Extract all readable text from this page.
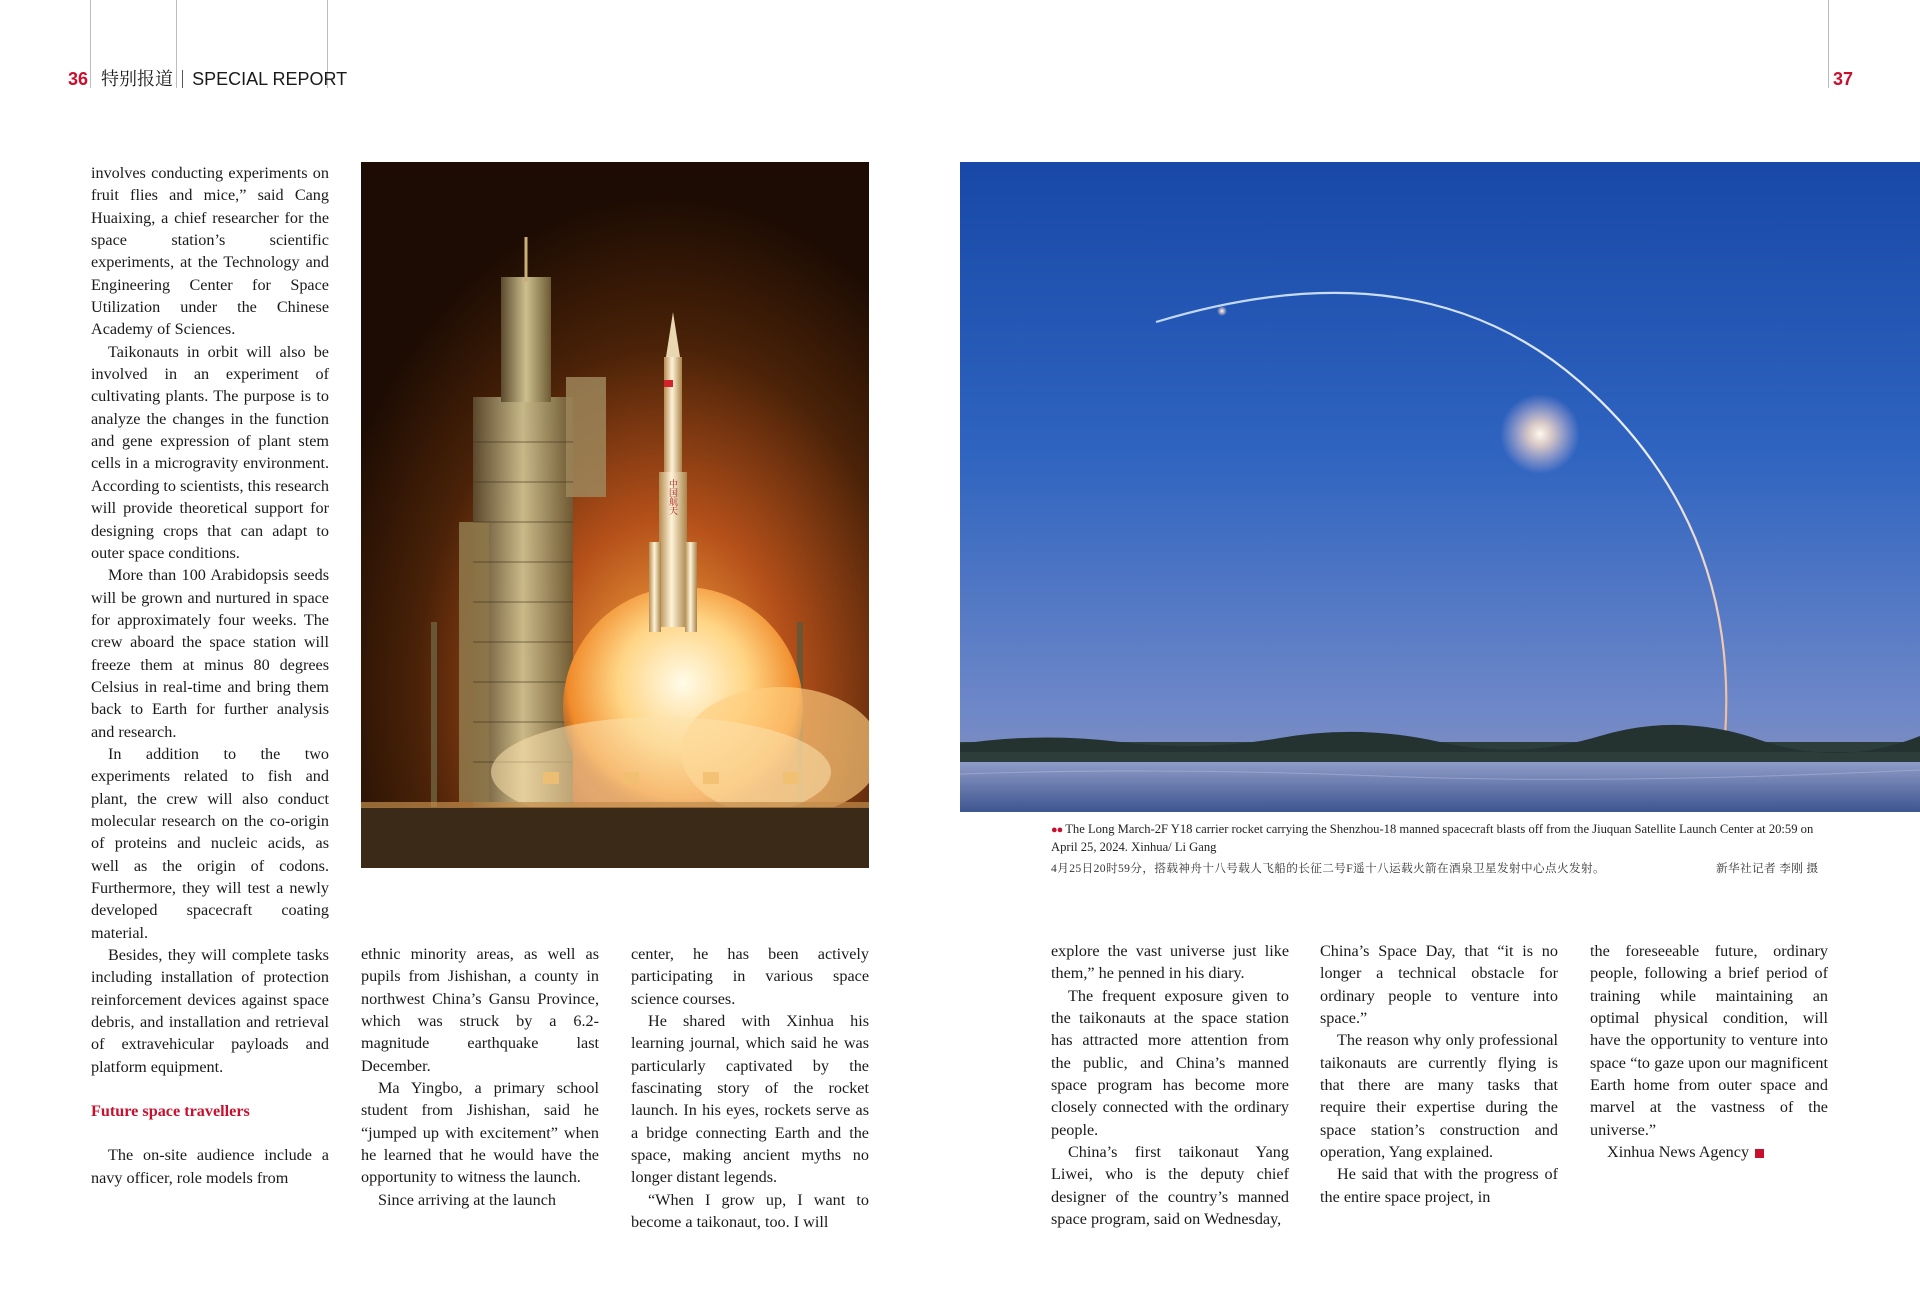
36 特别报道 SPECIAL REPORT	37

involves conducting experiments on fruit flies and mice,” said Cang Huaixing, a chief researcher for the space station’s scientific experiments, at the Technology and Engineering Center for Space Utilization under the Chinese Academy of Sciences.

Taikonauts in orbit will also be involved in an experiment of cultivating plants. The purpose is to analyze the changes in the function and gene expression of plant stem cells in a microgravity environment. According to scientists, this research will provide theoretical support for designing crops that can adapt to outer space conditions.

More than 100 Arabidopsis seeds will be grown and nurtured in space for approximately four weeks. The crew aboard the space station will freeze them at minus 80 degrees Celsius in real-time and bring them back to Earth for further analysis and research.

In addition to the two experiments related to fish and plant, the crew will also conduct molecular research on the co-origin of proteins and nucleic acids, as well as the origin of codons. Furthermore, they will test a newly developed spacecraft coating material.

Besides, they will complete tasks including installation of protection reinforcement devices against space debris, and installation and retrieval of extravehicular payloads and platform equipment.

Future space travellers

The on-site audience include a navy officer, role models from

中国航天

ethnic minority areas, as well as pupils from Jishishan, a county in northwest China’s Gansu Province, which was struck by a 6.2-magnitude earthquake last December.

Ma Yingbo, a primary school student from Jishishan, said he “jumped up with excitement” when he learned that he would have the opportunity to witness the launch.

Since arriving at the launch

center, he has been actively participating in various space science courses.

He shared with Xinhua his learning journal, which said he was particularly captivated by the fascinating story of the rocket launch. In his eyes, rockets serve as a bridge connecting Earth and the space, making ancient myths no longer distant legends.

“When I grow up, I want to become a taikonaut, too. I will

●● The Long March-2F Y18 carrier rocket carrying the Shenzhou-18 manned spacecraft blasts off from the Jiuquan Satellite Launch Center at 20:59 on April 25, 2024. Xinhua/ Li Gang
4月25日20时59分，搭载神舟十八号载人飞船的长征二号F遥十八运载火箭在酒泉卫星发射中心点火发射。	新华社记者 李刚 摄

explore the vast universe just like them,” he penned in his diary.

The frequent exposure given to the taikonauts at the space station has attracted more attention from the public, and China’s manned space program has become more closely connected with the ordinary people.

China’s first taikonaut Yang Liwei, who is the deputy chief designer of the country’s manned space program, said on Wednesday,

China’s Space Day, that “it is no longer a technical obstacle for ordinary people to venture into space.”

The reason why only professional taikonauts are currently flying is that there are many tasks that require their expertise during the space station’s construction and operation, Yang explained.

He said that with the progress of the entire space project, in

the foreseeable future, ordinary people, following a brief period of training while maintaining an optimal physical condition, will have the opportunity to venture into space “to gaze upon our magnificent Earth home from outer space and marvel at the vastness of the universe.”

Xinhua News Agency
